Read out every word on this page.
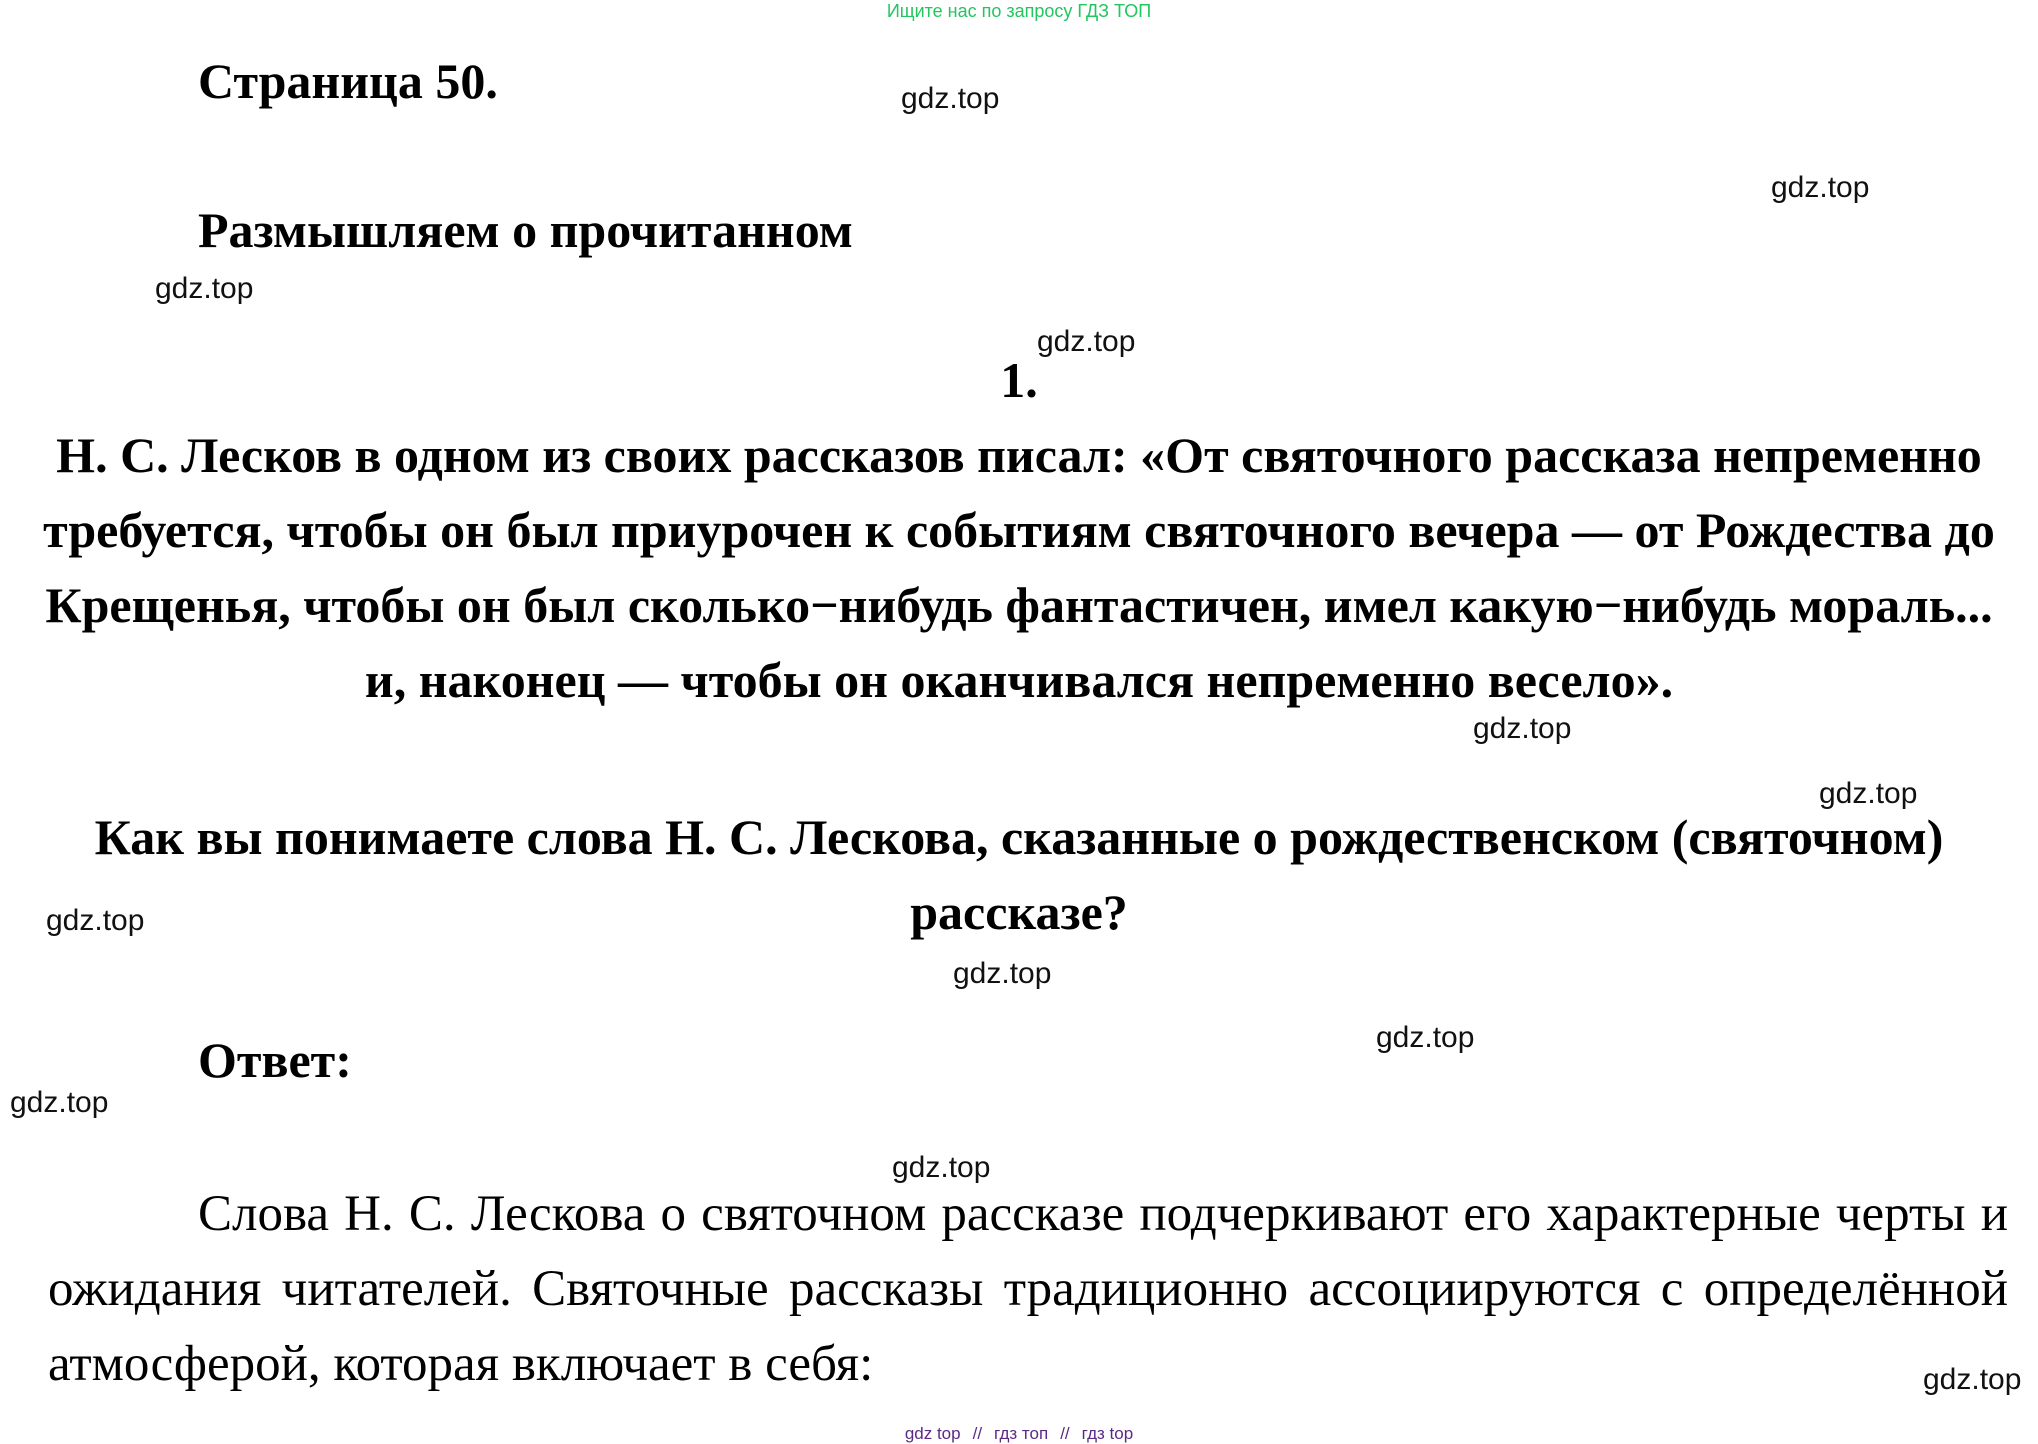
Ищите нас по запросу ГДЗ ТОП
Страница 50.
Размышляем о прочитанном
1.
Н. С. Лесков в одном из своих рассказов писал: «От святочного рассказа непременно требуется, чтобы он был приурочен к событиям святочного вечера — от Рождества до Крещенья, чтобы он был сколько−нибудь фантастичен, имел какую−нибудь мораль... и, наконец — чтобы он оканчивался непременно весело».
Как вы понимаете слова Н. С. Лескова, сказанные о рождественском (святочном) рассказе?
Ответ:
Слова Н. С. Лескова о святочном рассказе подчеркивают его характерные черты и ожидания читателей. Святочные рассказы традиционно ассоциируются с определённой атмосферой, которая включает в себя:
gdz.top
gdz.top
gdz.top
gdz.top
gdz.top
gdz.top
gdz.top
gdz.top
gdz.top
gdz.top
gdz.top
gdz.top
gdz top // гдз топ // гдз top
